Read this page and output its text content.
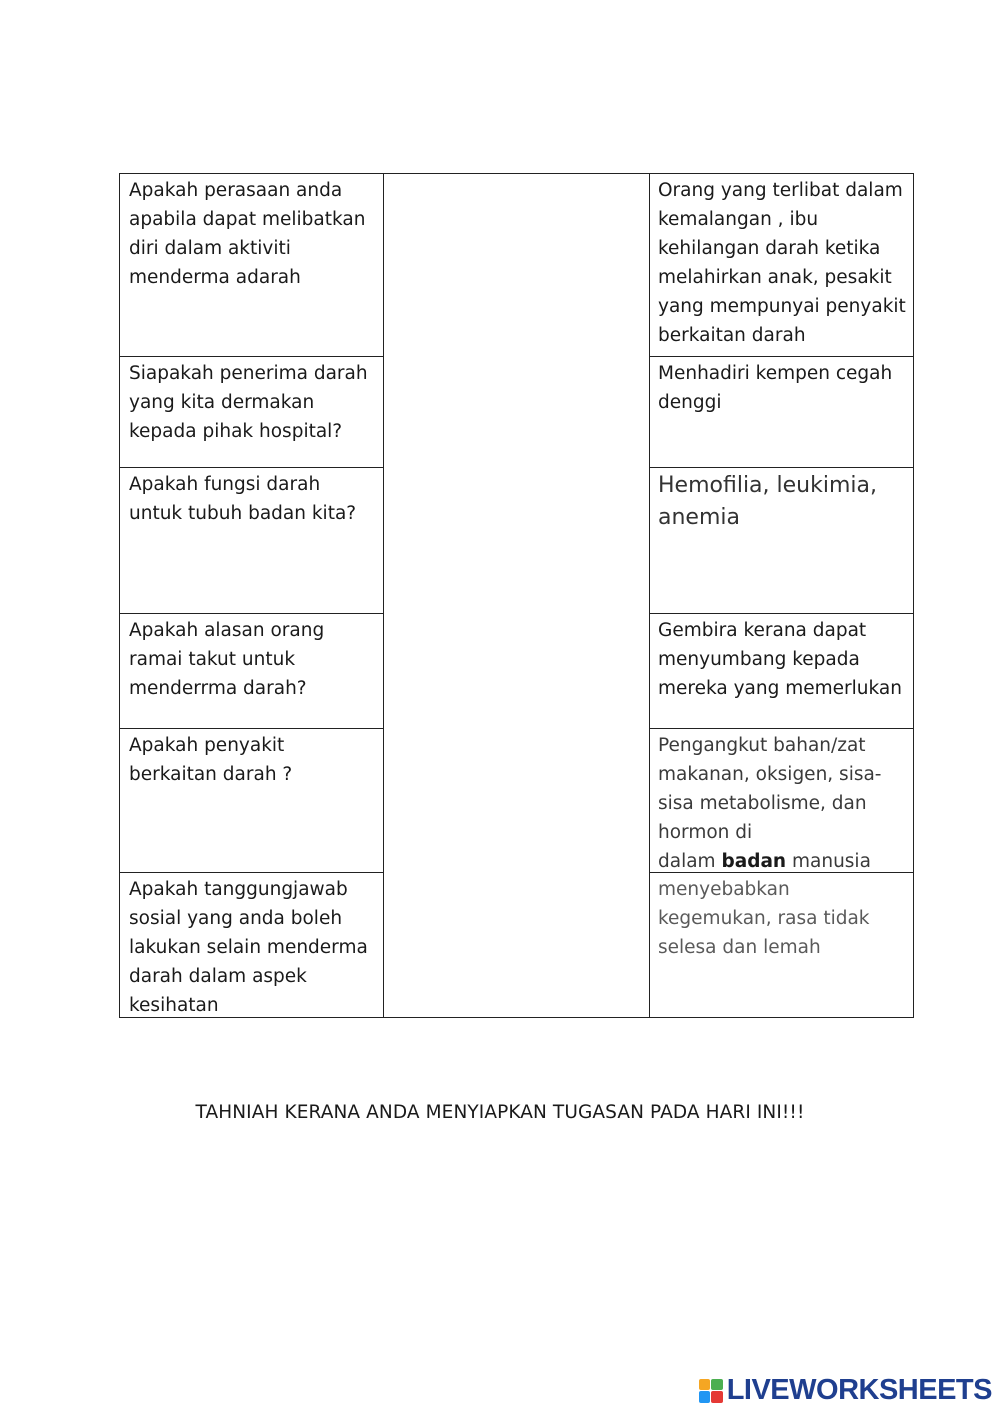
Apakah perasaan anda apabila dapat melibatkan diri dalam aktiviti menderma adarah
Siapakah penerima darah yang kita dermakan kepada pihak hospital?
Apakah fungsi darah untuk tubuh badan kita?
Apakah alasan orang ramai takut untuk menderrma darah?
Apakah penyakit berkaitan darah ?
Apakah tanggungjawab sosial yang anda boleh lakukan selain menderma darah dalam aspek kesihatan
Orang yang terlibat dalam kemalangan , ibu kehilangan darah ketika melahirkan anak, pesakit yang mempunyai penyakit berkaitan darah
Menhadiri kempen cegah denggi
Hemofilia, leukimia, anemia
Gembira kerana dapat menyumbang kepada mereka yang memerlukan
Pengangkut bahan/zat makanan, oksigen, sisa-sisa metabolisme, dan hormon di
dalam badan manusia
menyebabkan kegemukan, rasa tidak selesa dan lemah
TAHNIAH KERANA ANDA MENYIAPKAN TUGASAN PADA HARI INI!!!
LIVEWORKSHEETS
